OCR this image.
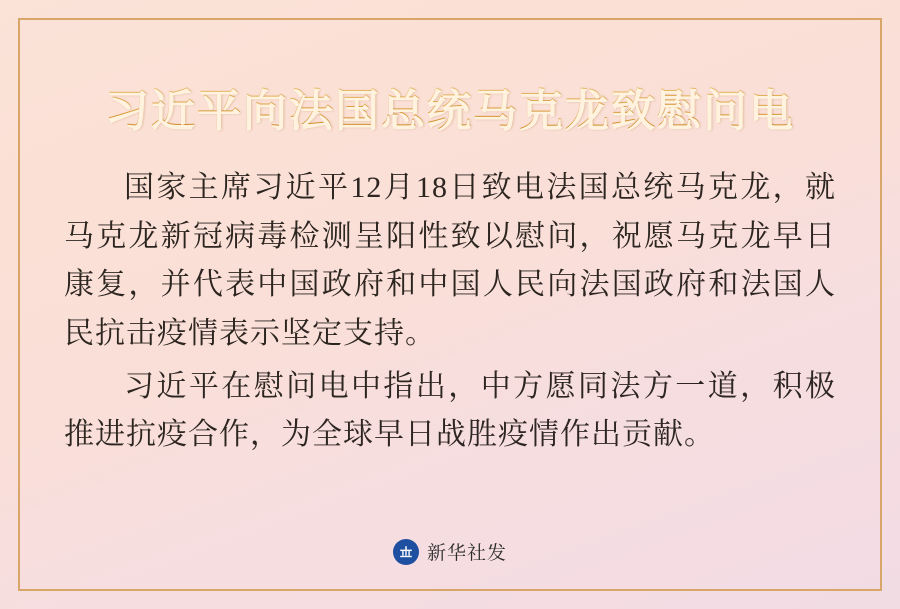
习近平向法国总统马克龙致慰问电

国家主席习近平12月18日致电法国总统马克龙，就马克龙新冠病毒检测呈阳性致以慰问，祝愿马克龙早日康复，并代表中国政府和中国人民向法国政府和法国人民抗击疫情表示坚定支持。

习近平在慰问电中指出，中方愿同法方一道，积极推进抗疫合作，为全球早日战胜疫情作出贡献。

新华社发
